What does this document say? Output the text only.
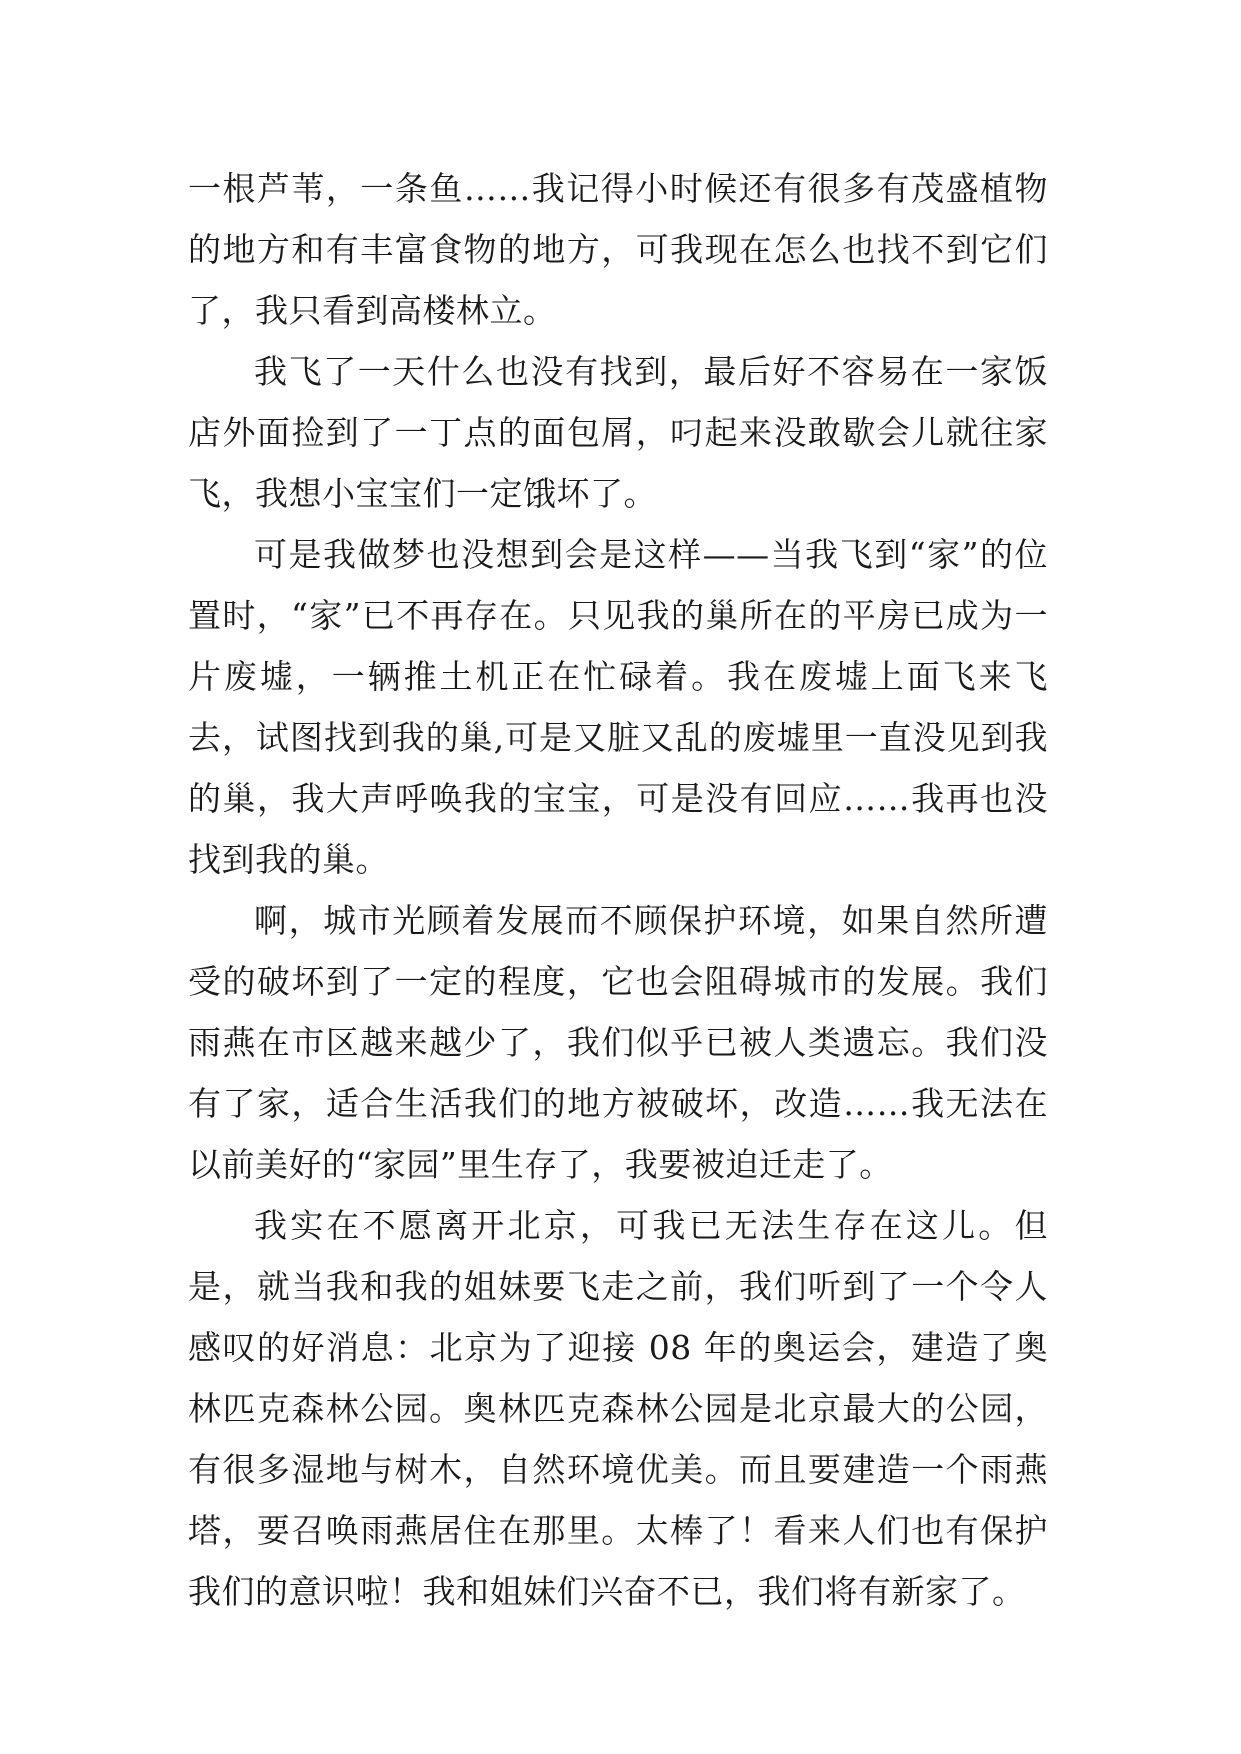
一根芦苇，一条鱼……我记得小时候还有很多有茂盛植物的地方和有丰富食物的地方，可我现在怎么也找不到它们了，我只看到高楼林立。

我飞了一天什么也没有找到，最后好不容易在一家饭店外面捡到了一丁点的面包屑，叼起来没敢歇会儿就往家飞，我想小宝宝们一定饿坏了。

可是我做梦也没想到会是这样——当我飞到“家”的位置时，“家”已不再存在。只见我的巢所在的平房已成为一片废墟，一辆推土机正在忙碌着。我在废墟上面飞来飞去，试图找到我的巢,可是又脏又乱的废墟里一直没见到我的巢，我大声呼唤我的宝宝，可是没有回应……我再也没找到我的巢。

啊，城市光顾着发展而不顾保护环境，如果自然所遭受的破坏到了一定的程度，它也会阻碍城市的发展。我们雨燕在市区越来越少了，我们似乎已被人类遗忘。我们没有了家，适合生活我们的地方被破坏，改造……我无法在以前美好的“家园”里生存了，我要被迫迁走了。

我实在不愿离开北京，可我已无法生存在这儿。但是，就当我和我的姐妹要飞走之前，我们听到了一个令人感叹的好消息：北京为了迎接 08 年的奥运会，建造了奥林匹克森林公园。奥林匹克森林公园是北京最大的公园，有很多湿地与树木，自然环境优美。而且要建造一个雨燕塔，要召唤雨燕居住在那里。太棒了！看来人们也有保护我们的意识啦！我和姐妹们兴奋不已，我们将有新家了。
